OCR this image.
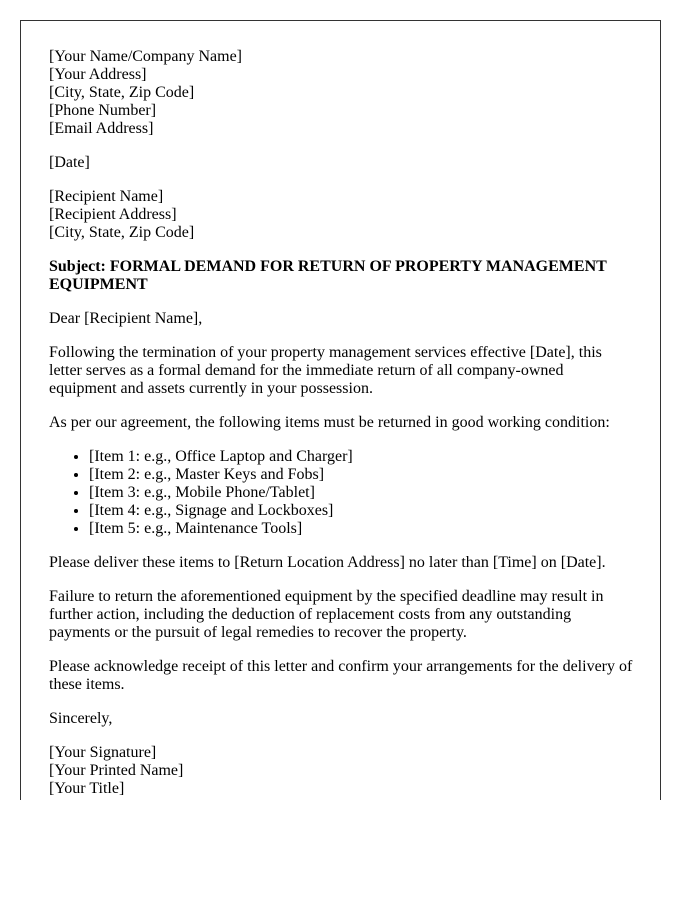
[Your Name/Company Name]
[Your Address]
[City, State, Zip Code]
[Phone Number]
[Email Address]

[Date]

[Recipient Name]
[Recipient Address]
[City, State, Zip Code]

Subject: FORMAL DEMAND FOR RETURN OF PROPERTY MANAGEMENT EQUIPMENT

Dear [Recipient Name],

Following the termination of your property management services effective [Date], this letter serves as a formal demand for the immediate return of all company-owned equipment and assets currently in your possession.

As per our agreement, the following items must be returned in good working condition:

• [Item 1: e.g., Office Laptop and Charger]
• [Item 2: e.g., Master Keys and Fobs]
• [Item 3: e.g., Mobile Phone/Tablet]
• [Item 4: e.g., Signage and Lockboxes]
• [Item 5: e.g., Maintenance Tools]

Please deliver these items to [Return Location Address] no later than [Time] on [Date].

Failure to return the aforementioned equipment by the specified deadline may result in further action, including the deduction of replacement costs from any outstanding payments or the pursuit of legal remedies to recover the property.

Please acknowledge receipt of this letter and confirm your arrangements for the delivery of these items.

Sincerely,

[Your Signature]
[Your Printed Name]
[Your Title]
